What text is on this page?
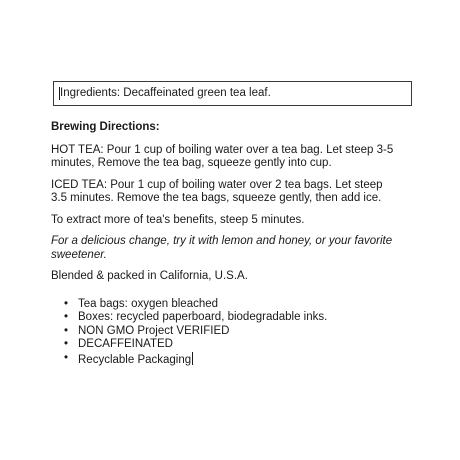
Ingredients: Decaffeinated green tea leaf.
Brewing Directions:
HOT TEA: Pour 1 cup of boiling water over a tea bag. Let steep 3-5 minutes, Remove the tea bag, squeeze gently into cup.
ICED TEA: Pour 1 cup of boiling water over 2 tea bags. Let steep 3.5 minutes. Remove the tea bags, squeeze gently, then add ice.
To extract more of tea's benefits, steep 5 minutes.
For a delicious change, try it with lemon and honey, or your favorite sweetener.
Blended & packed in California, U.S.A.
• Tea bags: oxygen bleached
• Boxes: recycled paperboard, biodegradable inks.
• NON GMO Project VERIFIED
• DECAFFEINATED
• Recyclable Packaging
